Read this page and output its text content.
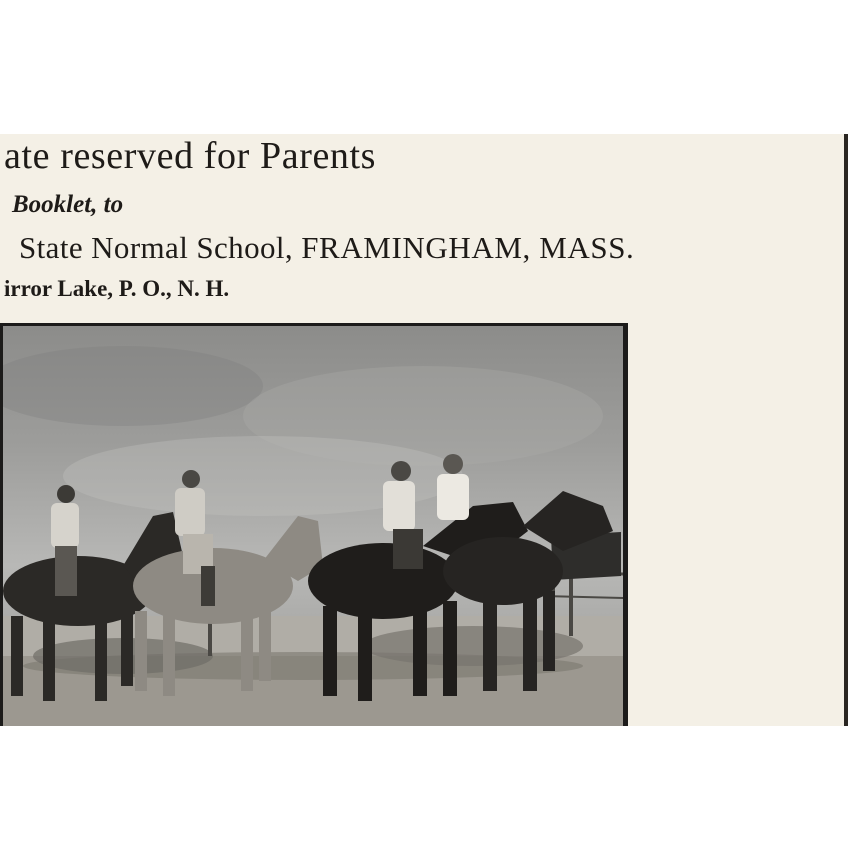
ate reserved for Parents
Booklet, to
State Normal School, FRAMINGHAM, MASS.
irror Lake, P. O., N. H.
